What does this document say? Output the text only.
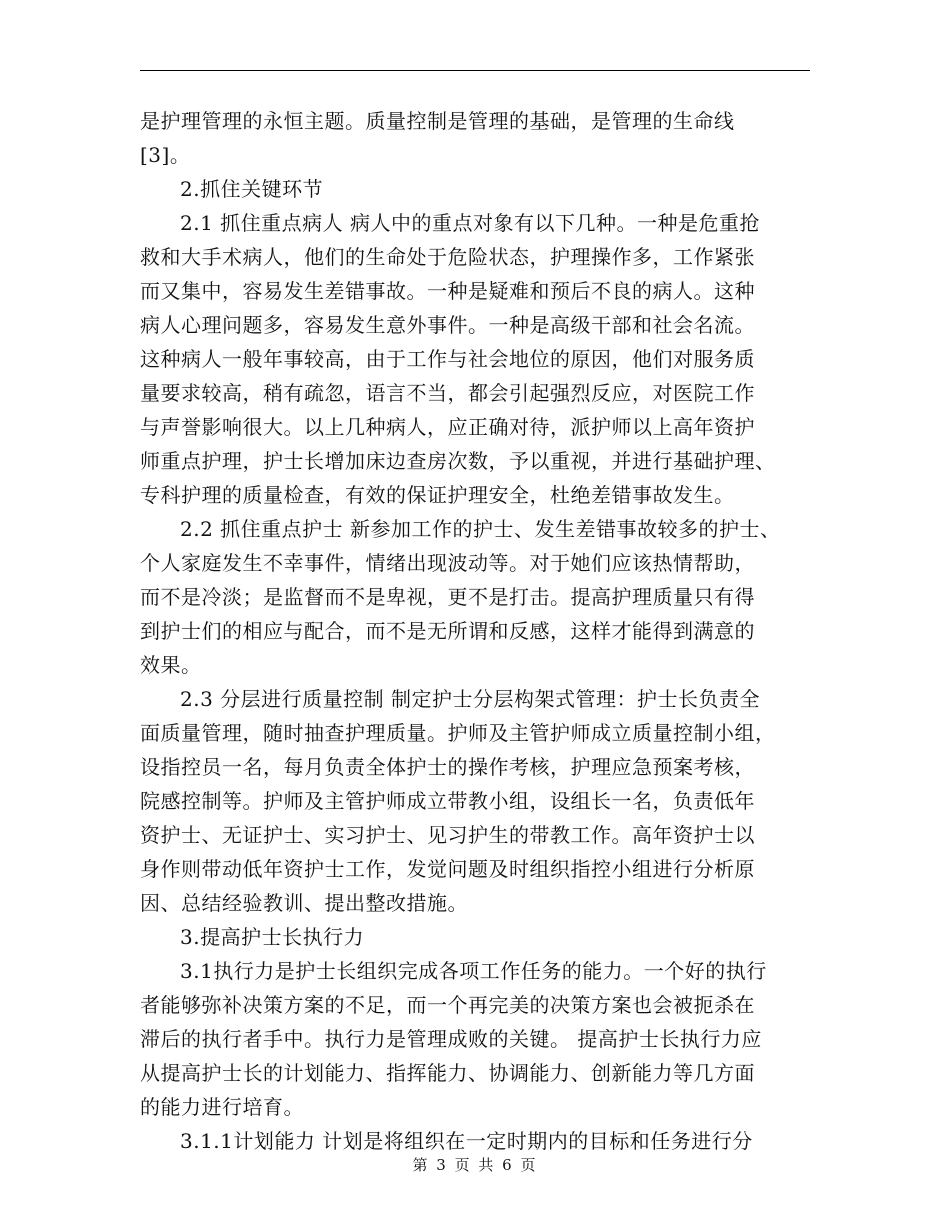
是护理管理的永恒主题。质量控制是管理的基础，是管理的生命线
[3]。
2.抓住关键环节
2.1 抓住重点病人 病人中的重点对象有以下几种。一种是危重抢
救和大手术病人，他们的生命处于危险状态，护理操作多，工作紧张
而又集中，容易发生差错事故。一种是疑难和预后不良的病人。这种
病人心理问题多，容易发生意外事件。一种是高级干部和社会名流。
这种病人一般年事较高，由于工作与社会地位的原因，他们对服务质
量要求较高，稍有疏忽，语言不当，都会引起强烈反应，对医院工作
与声誉影响很大。以上几种病人，应正确对待，派护师以上高年资护
师重点护理，护士长增加床边查房次数，予以重视，并进行基础护理、
专科护理的质量检查，有效的保证护理安全，杜绝差错事故发生。
2.2 抓住重点护士 新参加工作的护士、发生差错事故较多的护士、
个人家庭发生不幸事件，情绪出现波动等。对于她们应该热情帮助，
而不是冷淡；是监督而不是卑视，更不是打击。提高护理质量只有得
到护士们的相应与配合，而不是无所谓和反感，这样才能得到满意的
效果。
2.3 分层进行质量控制 制定护士分层构架式管理：护士长负责全
面质量管理，随时抽查护理质量。护师及主管护师成立质量控制小组，
设指控员一名，每月负责全体护士的操作考核，护理应急预案考核，
院感控制等。护师及主管护师成立带教小组，设组长一名，负责低年
资护士、无证护士、实习护士、见习护生的带教工作。高年资护士以
身作则带动低年资护士工作，发觉问题及时组织指控小组进行分析原
因、总结经验教训、提出整改措施。
3.提高护士长执行力
3.1执行力是护士长组织完成各项工作任务的能力。一个好的执行
者能够弥补决策方案的不足，而一个再完美的决策方案也会被扼杀在
滞后的执行者手中。执行力是管理成败的关键。 提高护士长执行力应
从提高护士长的计划能力、指挥能力、协调能力、创新能力等几方面
的能力进行培育。
3.1.1计划能力 计划是将组织在一定时期内的目标和任务进行分
第 3 页 共 6 页
